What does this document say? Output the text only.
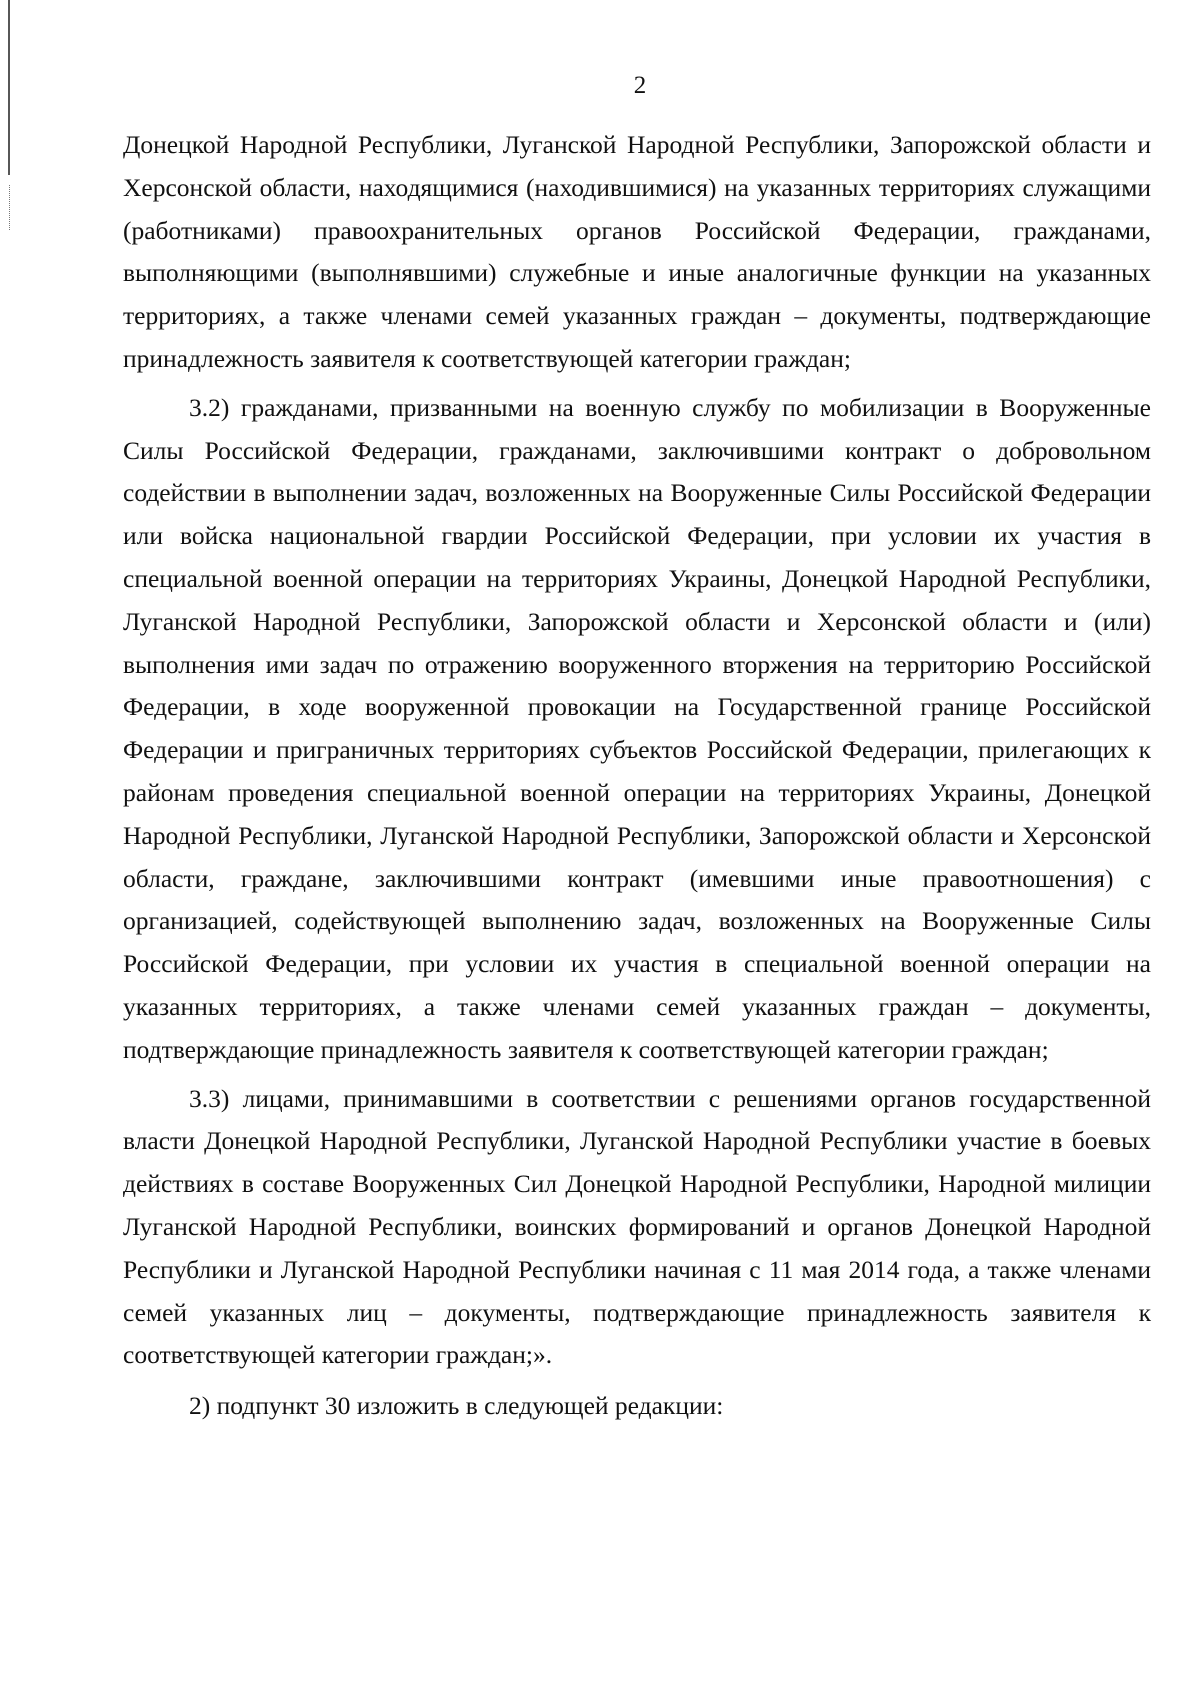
2

Донецкой Народной Республики, Луганской Народной Республики, Запорожской области и Херсонской области, находящимися (находившимися) на указанных территориях служащими (работниками) правоохранительных органов Российской Федерации, гражданами, выполняющими (выполнявшими) служебные и иные аналогичные функции на указанных территориях, а также членами семей указанных граждан – документы, подтверждающие принадлежность заявителя к соответствующей категории граждан;

3.2) гражданами, призванными на военную службу по мобилизации в Вооруженные Силы Российской Федерации, гражданами, заключившими контракт о добровольном содействии в выполнении задач, возложенных на Вооруженные Силы Российской Федерации или войска национальной гвардии Российской Федерации, при условии их участия в специальной военной операции на территориях Украины, Донецкой Народной Республики, Луганской Народной Республики, Запорожской области и Херсонской области и (или) выполнения ими задач по отражению вооруженного вторжения на территорию Российской Федерации, в ходе вооруженной провокации на Государственной границе Российской Федерации и приграничных территориях субъектов Российской Федерации, прилегающих к районам проведения специальной военной операции на территориях Украины, Донецкой Народной Республики, Луганской Народной Республики, Запорожской области и Херсонской области, граждане, заключившими контракт (имевшими иные правоотношения) с организацией, содействующей выполнению задач, возложенных на Вооруженные Силы Российской Федерации, при условии их участия в специальной военной операции на указанных территориях, а также членами семей указанных граждан – документы, подтверждающие принадлежность заявителя к соответствующей категории граждан;

3.3) лицами, принимавшими в соответствии с решениями органов государственной власти Донецкой Народной Республики, Луганской Народной Республики участие в боевых действиях в составе Вооруженных Сил Донецкой Народной Республики, Народной милиции Луганской Народной Республики, воинских формирований и органов Донецкой Народной Республики и Луганской Народной Республики начиная с 11 мая 2014 года, а также членами семей указанных лиц – документы, подтверждающие принадлежность заявителя к соответствующей категории граждан;».

2) подпункт 30 изложить в следующей редакции:
